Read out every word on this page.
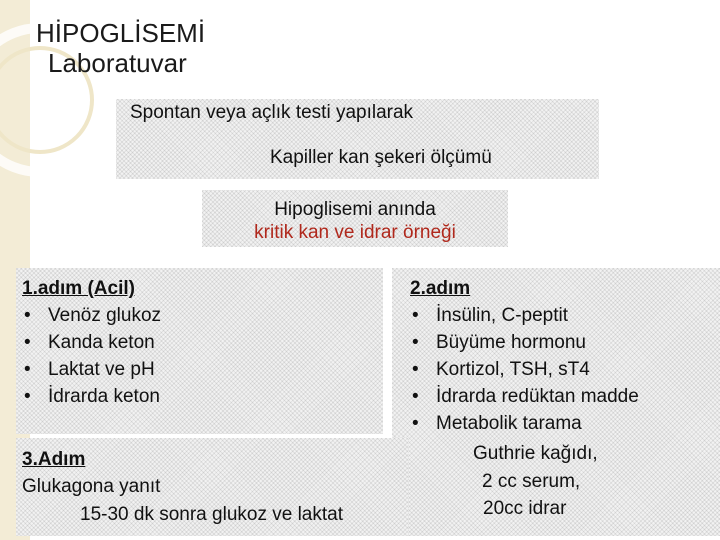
HİPOGLİSEMİ
Laboratuvar
Spontan veya açlık testi yapılarak
Kapiller kan şekeri ölçümü
Hipoglisemi anında
kritik kan ve idrar örneği
1.adım (Acil)
• Venöz glukoz
• Kanda keton
• Laktat ve pH
• İdrarda keton
2.adım
• İnsülin, C-peptit
• Büyüme hormonu
• Kortizol, TSH, sT4
• İdrarda redüktan madde
• Metabolik tarama
Guthrie kağıdı,
2 cc serum,
20cc idrar
3.Adım
Glukagona yanıt
15-30 dk sonra glukoz ve laktat
